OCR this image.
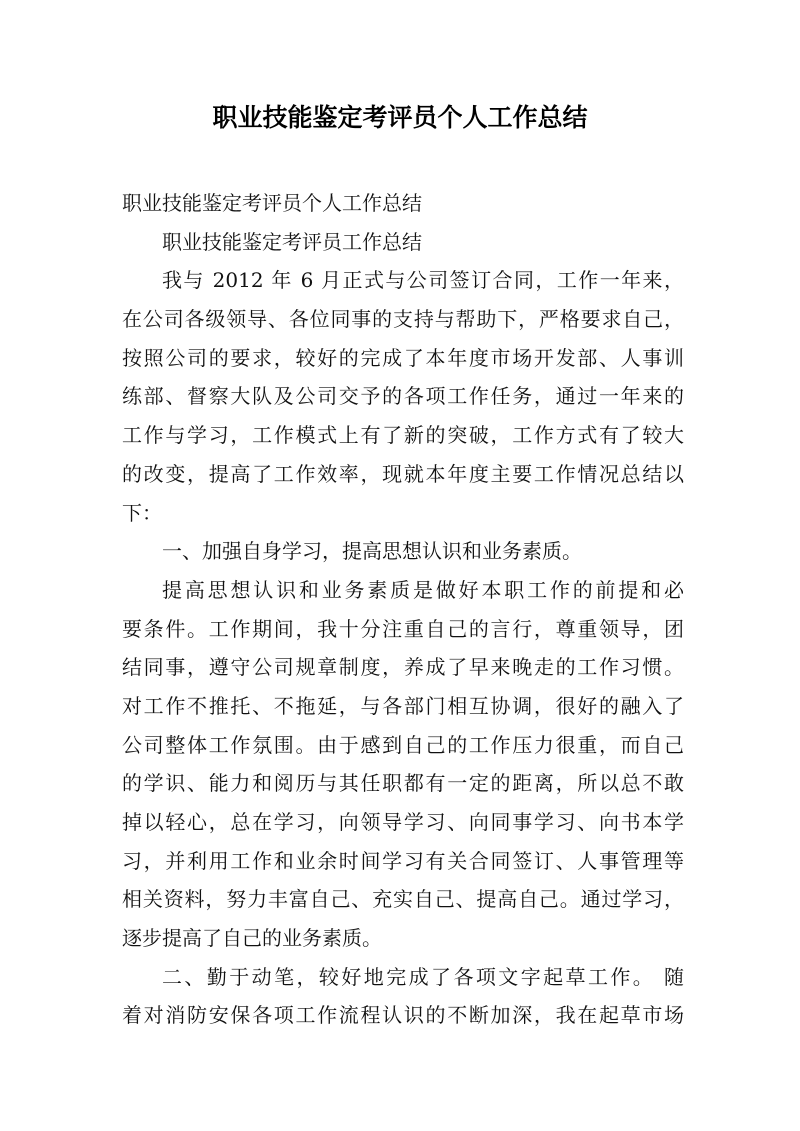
职业技能鉴定考评员个人工作总结
职业技能鉴定考评员个人工作总结
职业技能鉴定考评员工作总结
我与 2012 年 6 月正式与公司签订合同，工作一年来，
在公司各级领导、各位同事的支持与帮助下，严格要求自己，
按照公司的要求，较好的完成了本年度市场开发部、人事训
练部、督察大队及公司交予的各项工作任务，通过一年来的
工作与学习，工作模式上有了新的突破，工作方式有了较大
的改变，提高了工作效率，现就本年度主要工作情况总结以
下：
一、加强自身学习，提高思想认识和业务素质。
提高思想认识和业务素质是做好本职工作的前提和必
要条件。工作期间，我十分注重自己的言行，尊重领导，团
结同事，遵守公司规章制度，养成了早来晚走的工作习惯。
对工作不推托、不拖延，与各部门相互协调，很好的融入了
公司整体工作氛围。由于感到自己的工作压力很重，而自己
的学识、能力和阅历与其任职都有一定的距离，所以总不敢
掉以轻心，总在学习，向领导学习、向同事学习、向书本学
习，并利用工作和业余时间学习有关合同签订、人事管理等
相关资料，努力丰富自己、充实自己、提高自己。通过学习，
逐步提高了自己的业务素质。
二、勤于动笔，较好地完成了各项文字起草工作。 随
着对消防安保各项工作流程认识的不断加深，我在起草市场
